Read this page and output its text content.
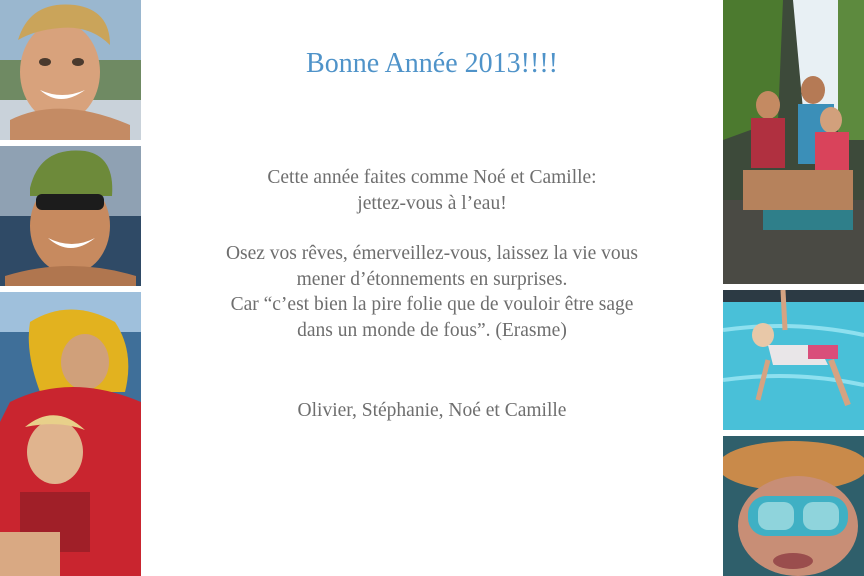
Bonne Année 2013!!!!

Cette année faites comme Noé et Camille:

jettez-vous à l’eau!

Osez vos rêves, émerveillez-vous, laissez la vie vous

mener d’étonnements en surprises.

Car “c’est bien la pire folie que de vouloir être sage

dans un monde de fous”. (Erasme)

Olivier, Stéphanie, Noé et Camille
